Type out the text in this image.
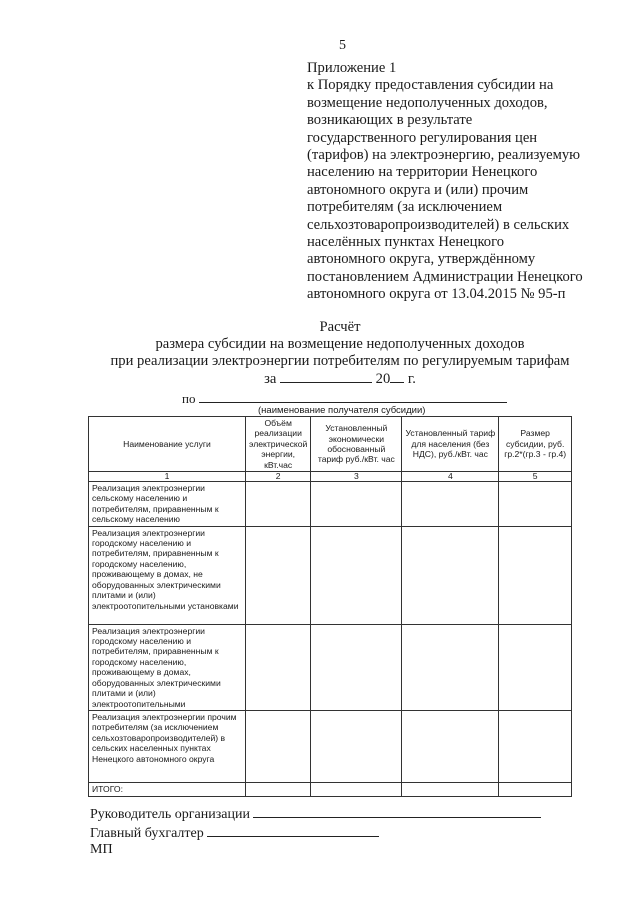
5
Приложение 1
к Порядку предоставления субсидии на
возмещение недополученных доходов,
возникающих в результате
государственного регулирования цен
(тарифов) на электроэнергию, реализуемую
населению на территории Ненецкого
автономного округа и (или) прочим
потребителям (за исключением
сельхозтоваропроизводителей) в сельских
населённых пунктах Ненецкого
автономного округа, утверждённому
постановлением Администрации Ненецкого
автономного округа от 13.04.2015 № 95-п
Расчёт
размера субсидии на возмещение недополученных доходов
при реализации электроэнергии потребителям по регулируемым тарифам
за	20 г.
по
(наименование получателя субсидии)
Наименование услуги	Объём реализации электрической энергии, кВт.час	Установленный экономически обоснованный тариф руб./кВт. час	Установленный тариф для населения (без НДС), руб./кВт. час	Размер субсидии, руб. гр.2*(гр.3 - гр.4)
1	2	3	4	5
Реализация электроэнергии сельскому населению и потребителям, приравненным к сельскому населению				
Реализация электроэнергии городскому населению и потребителям, приравненным к городскому населению, проживающему в домах, не оборудованных электрическими плитами и (или) электроотопительными установками				
Реализация электроэнергии городскому населению и потребителям, приравненным к городскому населению, проживающему в домах, оборудованных электрическими плитами и (или) электроотопительными				
Реализация электроэнергии прочим потребителям (за исключением сельхозтоваропроизводителей) в сельских населенных пунктах Ненецкого автономного округа				
ИТОГО:				
Руководитель организации
Главный бухгалтер
МП
